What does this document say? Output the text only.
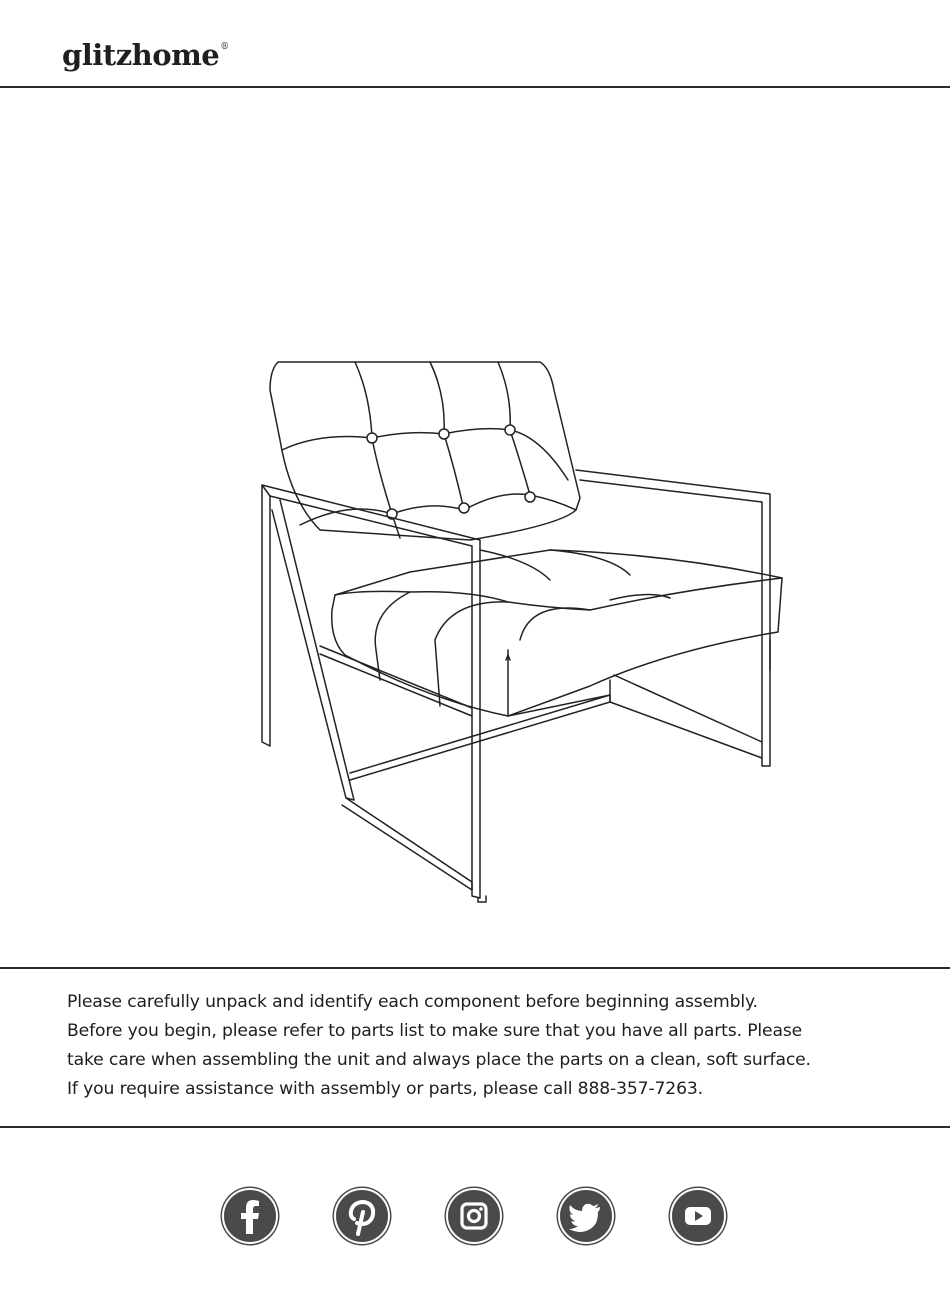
glitzhome®
Please carefully unpack and identify each component before beginning assembly.
Before you begin, please refer to parts list to make sure that you have all parts. Please
take care when assembling the unit and always place the parts on a clean, soft surface.
If you require assistance with assembly or parts, please call 888-357-7263.
